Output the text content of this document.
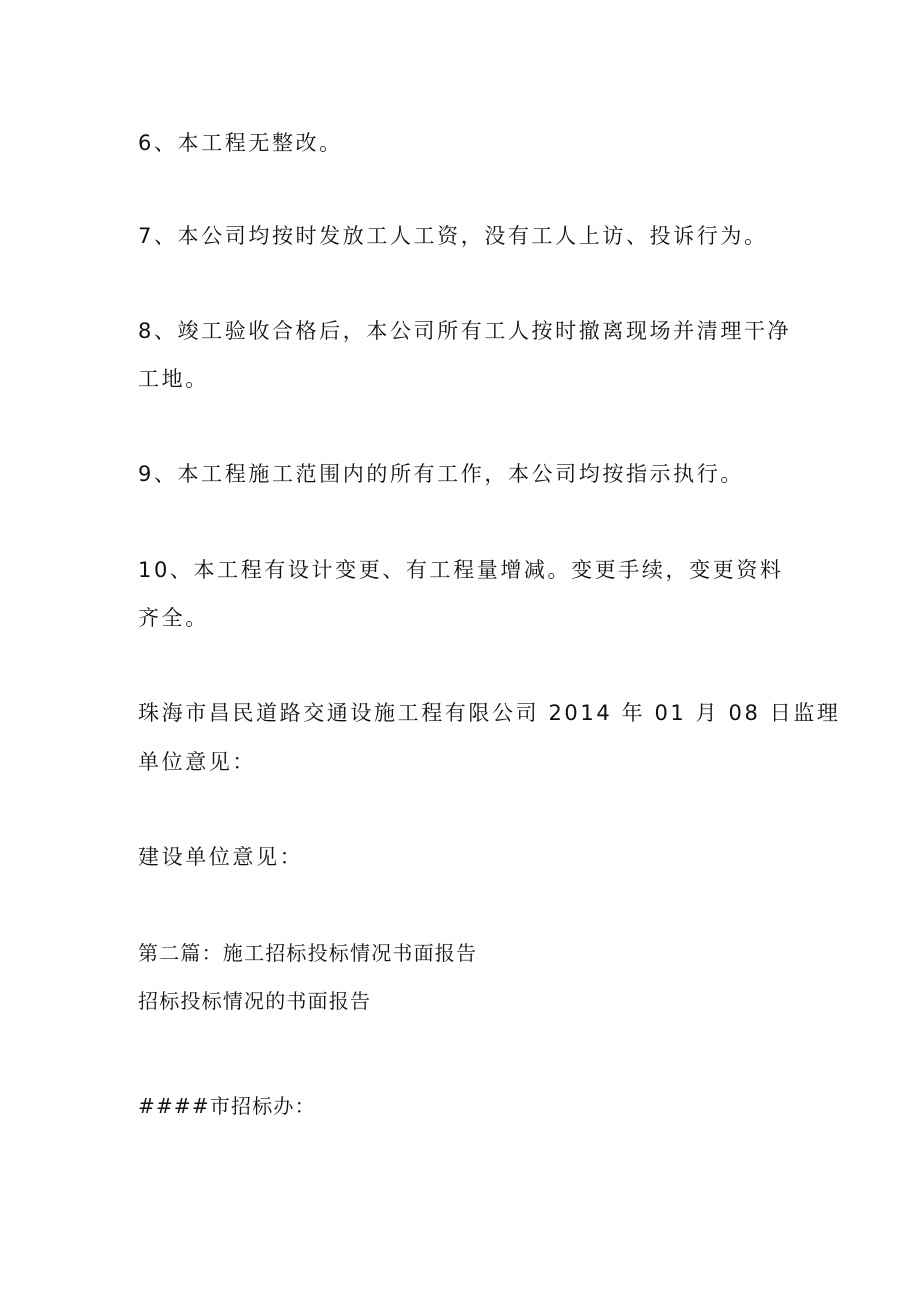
6、本工程无整改。
7、本公司均按时发放工人工资，没有工人上访、投诉行为。
8、竣工验收合格后，本公司所有工人按时撤离现场并清理干净
工地。
9、本工程施工范围内的所有工作，本公司均按指示执行。
10、本工程有设计变更、有工程量增减。变更手续，变更资料
齐全。
珠海市昌民道路交通设施工程有限公司 2014 年 01 月 08 日监理
单位意见：
建设单位意见：
第二篇：施工招标投标情况书面报告
招标投标情况的书面报告
####市招标办：
